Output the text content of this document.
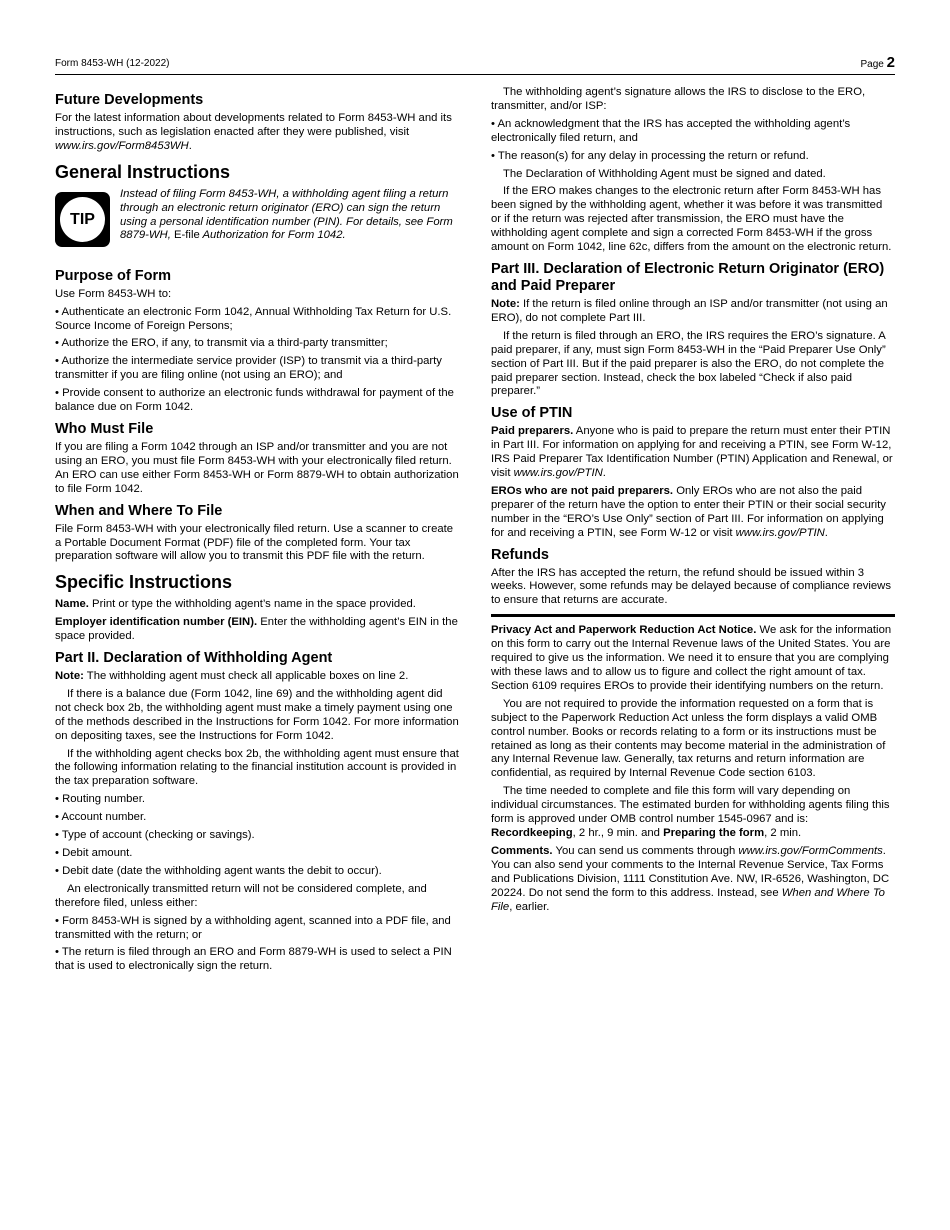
Form 8453-WH (12-2022)	Page 2
Future Developments

For the latest information about developments related to Form 8453-WH and its instructions, such as legislation enacted after they were published, visit www.irs.gov/Form8453WH.

General Instructions
TIP

Instead of filing Form 8453-WH, a withholding agent filing a return through an electronic return originator (ERO) can sign the return using a personal identification number (PIN). For details, see Form 8879-WH, E-file Authorization for Form 1042.

Purpose of Form

Use Form 8453-WH to:

• Authenticate an electronic Form 1042, Annual Withholding Tax Return for U.S. Source Income of Foreign Persons;

• Authorize the ERO, if any, to transmit via a third-party transmitter;

• Authorize the intermediate service provider (ISP) to transmit via a third-party transmitter if you are filing online (not using an ERO); and

• Provide consent to authorize an electronic funds withdrawal for payment of the balance due on Form 1042.

Who Must File

If you are filing a Form 1042 through an ISP and/or transmitter and you are not using an ERO, you must file Form 8453-WH with your electronically filed return. An ERO can use either Form 8453-WH or Form 8879-WH to obtain authorization to file Form 1042.

When and Where To File

File Form 8453-WH with your electronically filed return. Use a scanner to create a Portable Document Format (PDF) file of the completed form. Your tax preparation software will allow you to transmit this PDF file with the return.

Specific Instructions

Name. Print or type the withholding agent’s name in the space provided.

Employer identification number (EIN). Enter the withholding agent’s EIN in the space provided.

Part II. Declaration of Withholding Agent

Note: The withholding agent must check all applicable boxes on line 2.

If there is a balance due (Form 1042, line 69) and the withholding agent did not check box 2b, the withholding agent must make a timely payment using one of the methods described in the Instructions for Form 1042. For more information on depositing taxes, see the Instructions for Form 1042.

If the withholding agent checks box 2b, the withholding agent must ensure that the following information relating to the financial institution account is provided in the tax preparation software.

• Routing number.

• Account number.

• Type of account (checking or savings).

• Debit amount.

• Debit date (date the withholding agent wants the debit to occur).

An electronically transmitted return will not be considered complete, and therefore filed, unless either:

• Form 8453-WH is signed by a withholding agent, scanned into a PDF file, and transmitted with the return; or

• The return is filed through an ERO and Form 8879-WH is used to select a PIN that is used to electronically sign the return.

The withholding agent’s signature allows the IRS to disclose to the ERO, transmitter, and/or ISP:

• An acknowledgment that the IRS has accepted the withholding agent’s electronically filed return, and

• The reason(s) for any delay in processing the return or refund.

The Declaration of Withholding Agent must be signed and dated.

If the ERO makes changes to the electronic return after Form 8453-WH has been signed by the withholding agent, whether it was before it was transmitted or if the return was rejected after transmission, the ERO must have the withholding agent complete and sign a corrected Form 8453-WH if the gross amount on Form 1042, line 62c, differs from the amount on the electronic return.

Part III. Declaration of Electronic Return Originator (ERO) and Paid Preparer

Note: If the return is filed online through an ISP and/or transmitter (not using an ERO), do not complete Part III.

If the return is filed through an ERO, the IRS requires the ERO’s signature. A paid preparer, if any, must sign Form 8453-WH in the “Paid Preparer Use Only” section of Part III. But if the paid preparer is also the ERO, do not complete the paid preparer section. Instead, check the box labeled “Check if also paid preparer.”

Use of PTIN

Paid preparers. Anyone who is paid to prepare the return must enter their PTIN in Part III. For information on applying for and receiving a PTIN, see Form W-12, IRS Paid Preparer Tax Identification Number (PTIN) Application and Renewal, or visit www.irs.gov/PTIN.

EROs who are not paid preparers. Only EROs who are not also the paid preparer of the return have the option to enter their PTIN or their social security number in the “ERO’s Use Only” section of Part III. For information on applying for and receiving a PTIN, see Form W-12 or visit www.irs.gov/PTIN.

Refunds

After the IRS has accepted the return, the refund should be issued within 3 weeks. However, some refunds may be delayed because of compliance reviews to ensure that returns are accurate.

Privacy Act and Paperwork Reduction Act Notice. We ask for the information on this form to carry out the Internal Revenue laws of the United States. You are required to give us the information. We need it to ensure that you are complying with these laws and to allow us to figure and collect the right amount of tax. Section 6109 requires EROs to provide their identifying numbers on the return.

You are not required to provide the information requested on a form that is subject to the Paperwork Reduction Act unless the form displays a valid OMB control number. Books or records relating to a form or its instructions must be retained as long as their contents may become material in the administration of any Internal Revenue law. Generally, tax returns and return information are confidential, as required by Internal Revenue Code section 6103.

The time needed to complete and file this form will vary depending on individual circumstances. The estimated burden for withholding agents filing this form is approved under OMB control number 1545-0967 and is: Recordkeeping, 2 hr., 9 min. and Preparing the form, 2 min.

Comments. You can send us comments through www.irs.gov/FormComments. You can also send your comments to the Internal Revenue Service, Tax Forms and Publications Division, 1111 Constitution Ave. NW, IR-6526, Washington, DC 20224. Do not send the form to this address. Instead, see When and Where To File, earlier.
